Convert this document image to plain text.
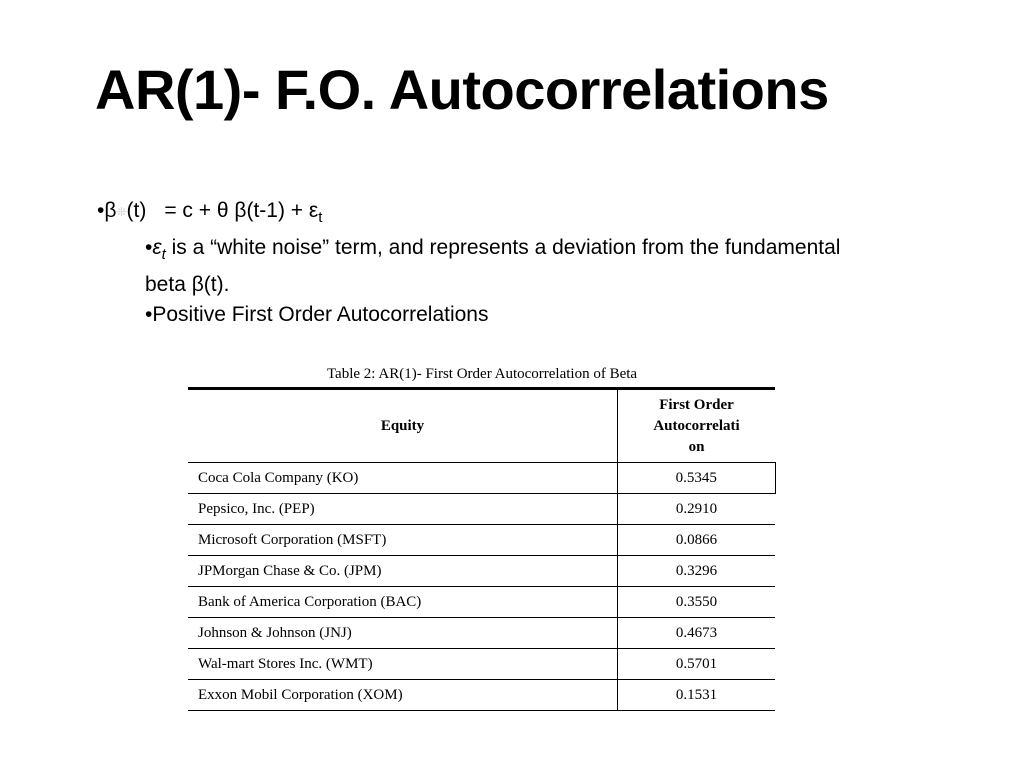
AR(1)- F.O. Autocorrelations
•β❊(t) = c + θ $\beta(t-1) + \varepsilon_t$
$•\varepsilon_t$ is a “white noise” term, and represents a deviation from the fundamental beta β(t).
•Positive First Order Autocorrelations
Table 2: AR(1)- First Order Autocorrelation of Beta
Equity	First Order
Autocorrelati
on

Coca Cola Company (KO)	0.5345
Pepsico, Inc. (PEP)	0.2910
Microsoft Corporation (MSFT)	0.0866
JPMorgan Chase & Co. (JPM)	0.3296
Bank of America Corporation (BAC)	0.3550
Johnson & Johnson (JNJ)	0.4673
Wal-mart Stores Inc. (WMT)	0.5701
Exxon Mobil Corporation (XOM)	0.1531
